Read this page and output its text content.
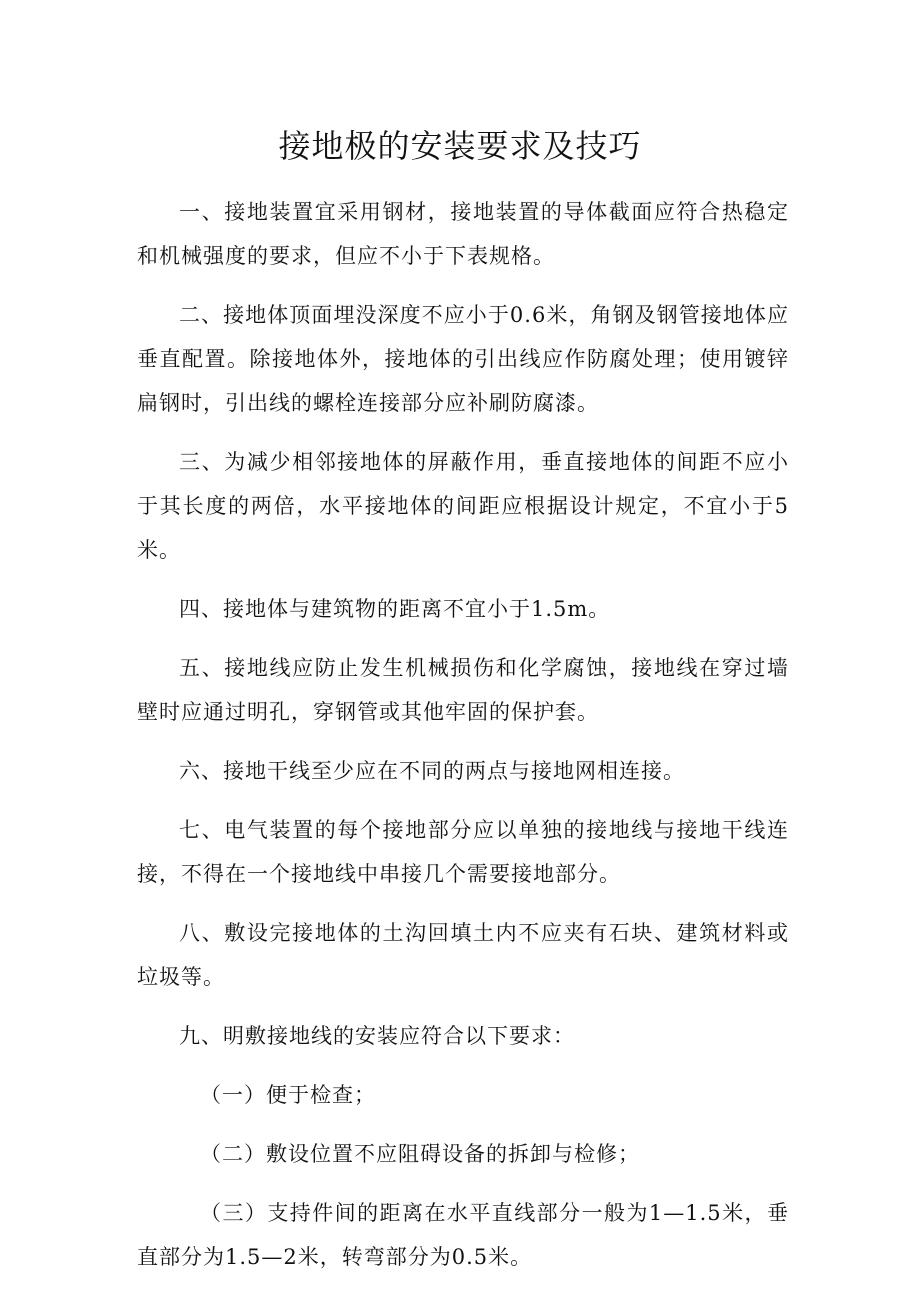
接地极的安装要求及技巧

一、接地装置宜采用钢材，接地装置的导体截面应符合热稳定和机械强度的要求，但应不小于下表规格。

二、接地体顶面埋没深度不应小于0.6米，角钢及钢管接地体应垂直配置。除接地体外，接地体的引出线应作防腐处理；使用镀锌扁钢时，引出线的螺栓连接部分应补刷防腐漆。

三、为减少相邻接地体的屏蔽作用，垂直接地体的间距不应小于其长度的两倍，水平接地体的间距应根据设计规定，不宜小于5米。

四、接地体与建筑物的距离不宜小于1.5m。

五、接地线应防止发生机械损伤和化学腐蚀，接地线在穿过墙壁时应通过明孔，穿钢管或其他牢固的保护套。

六、接地干线至少应在不同的两点与接地网相连接。

七、电气装置的每个接地部分应以单独的接地线与接地干线连接，不得在一个接地线中串接几个需要接地部分。

八、敷设完接地体的土沟回填土内不应夹有石块、建筑材料或垃圾等。

九、明敷接地线的安装应符合以下要求：

（一）便于检查；

（二）敷设位置不应阻碍设备的拆卸与检修；

（三）支持件间的距离在水平直线部分一般为1—1.5米，垂直部分为1.5—2米，转弯部分为0.5米。
